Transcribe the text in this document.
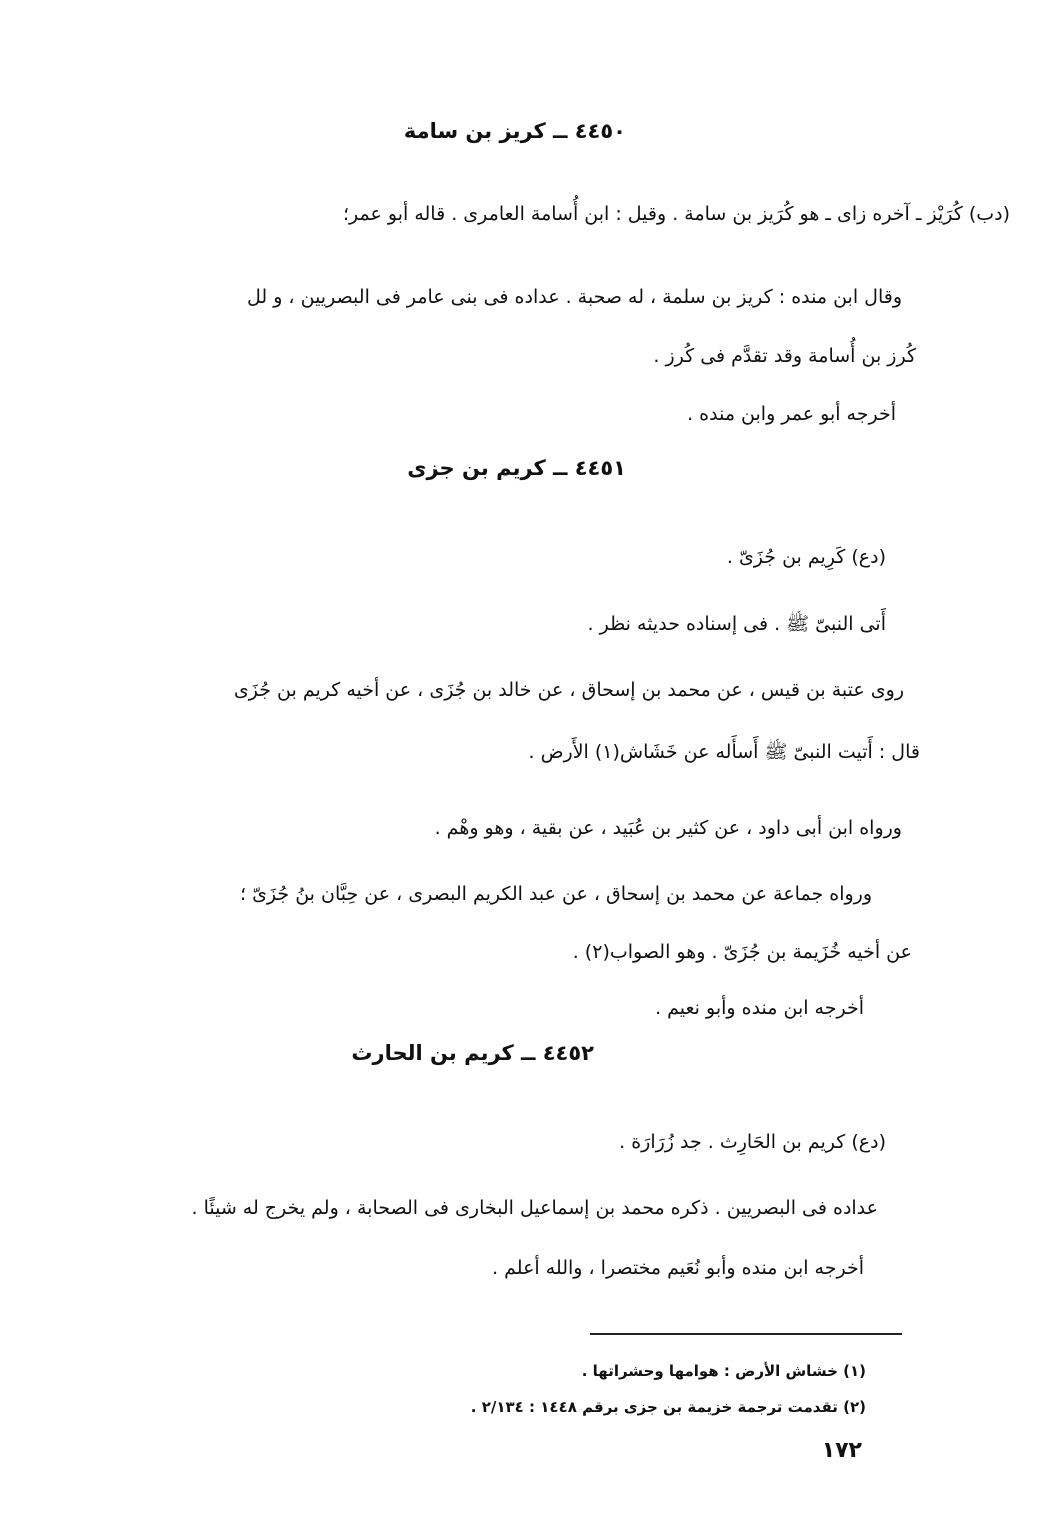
٤٤٥٠ ــ كريز بن سامة
(دب) كُرَيْز ـ آخره زاى ـ هو كُرَيز بن سامة . وقيل : ابن أُسامة العامرى . قاله أبو عمر؛
وقال ابن منده : كريز بن سلمة ، له صحبة . عداده فى بنى عامر فى البصريين ، و لل
كُرز بن أُسامة وقد تقدَّم فى كُرز .
أخرجه أبو عمر وابن منده .
٤٤٥١ ــ كريم بن جزى
(دع) كَرِيم بن جُزَىّ .
أَتى النبىّ ﷺ . فى إسناده حديثه نظر .
روى عتبة بن قيس ، عن محمد بن إسحاق ، عن خالد بن جُزَى ، عن أخيه كريم بن جُزَى
قال : أَتيت النبىّ ﷺ أَسأَله عن خَشَاش(١) الأَرض .
ورواه ابن أبى داود ، عن كثير بن عُبَيد ، عن بقية ، وهو وهْم .
ورواه جماعة عن محمد بن إسحاق ، عن عبد الكريم البصرى ، عن حِبَّان بنُ جُزَىّ ؛
عن أخيه خُزَيمة بن جُزَىّ . وهو الصواب(٢) .
أخرجه ابن منده وأبو نعيم .
٤٤٥٢ ــ كريم بن الحارث
(دع) كريم بن الحَارِث . جد زُرَارَة .
عداده فى البصريين . ذكره محمد بن إسماعيل البخارى فى الصحابة ، ولم يخرج له شيئًا .
أخرجه ابن منده وأبو نُعَيم مختصرا ، والله أعلم .
(١) خشاش الأرض : هوامها وحشراتها .
(٢) تقدمت ترجمة خزيمة بن جزى برقم ١٤٤٨ : ٢/١٣٤ .
١٧٢
